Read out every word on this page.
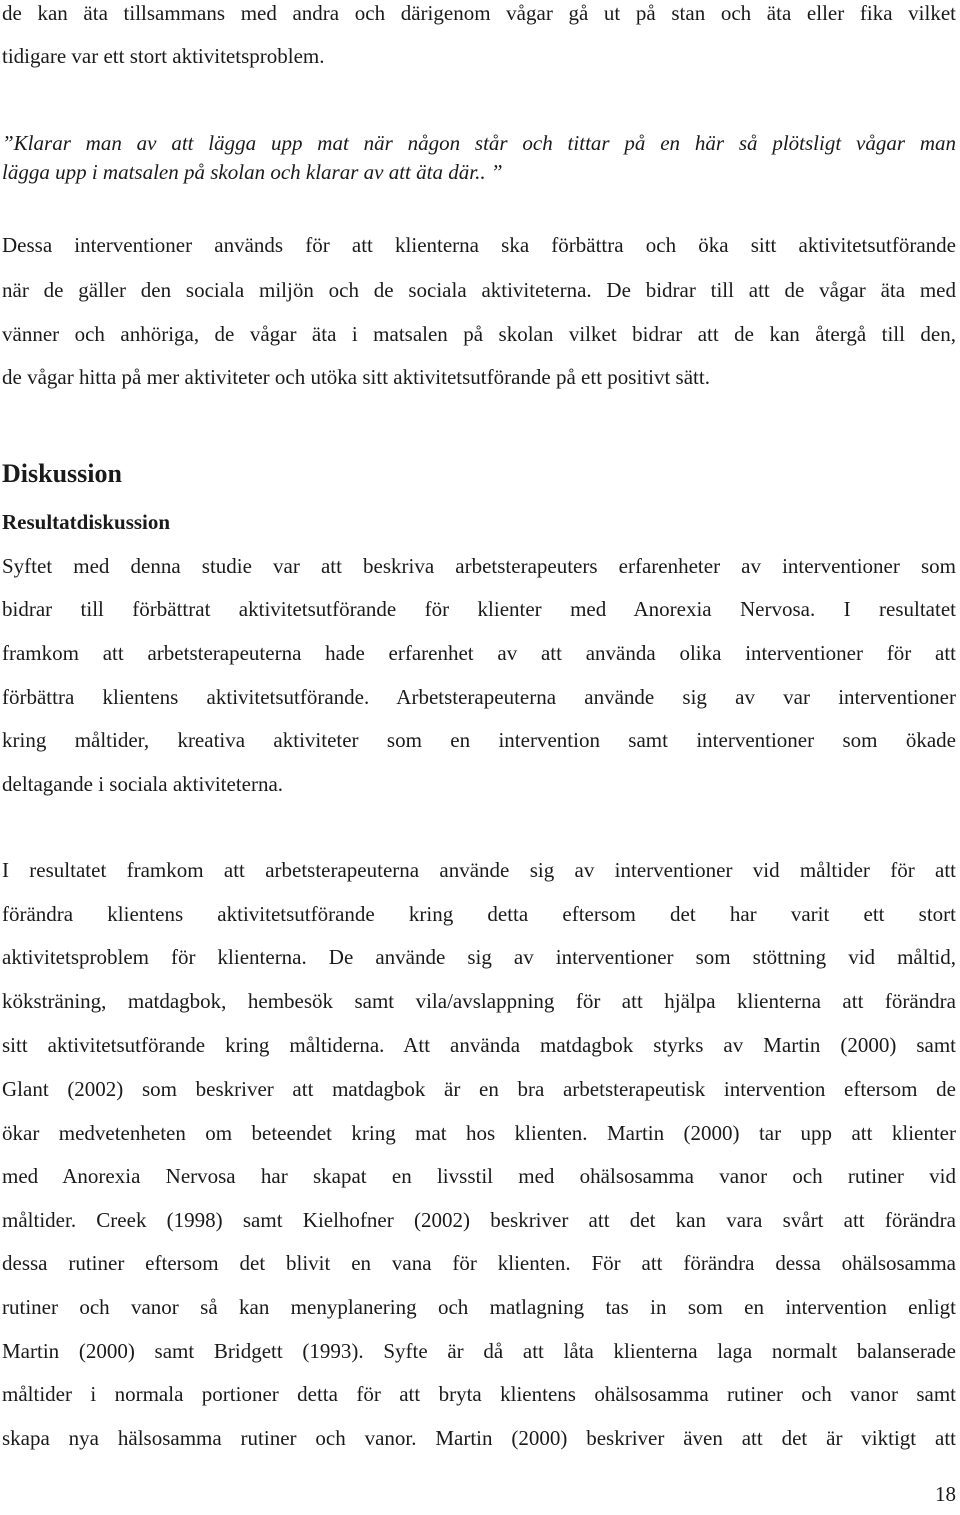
de kan äta tillsammans med andra och därigenom vågar gå ut på stan och äta eller fika vilket
tidigare var ett stort aktivitetsproblem.
”Klarar man av att lägga upp mat när någon står och tittar på en här så plötsligt vågar man
lägga upp i matsalen på skolan och klarar av att äta där.. ”
Dessa interventioner används för att klienterna ska förbättra och öka sitt aktivitetsutförande
när de gäller den sociala miljön och de sociala aktiviteterna. De bidrar till att de vågar äta med
vänner och anhöriga, de vågar äta i matsalen på skolan vilket bidrar att de kan återgå till den,
de vågar hitta på mer aktiviteter och utöka sitt aktivitetsutförande på ett positivt sätt.
Diskussion
Resultatdiskussion
Syftet med denna studie var att beskriva arbetsterapeuters erfarenheter av interventioner som
bidrar till förbättrat aktivitetsutförande för klienter med Anorexia Nervosa. I resultatet
framkom att arbetsterapeuterna hade erfarenhet av att använda olika interventioner för att
förbättra klientens aktivitetsutförande. Arbetsterapeuterna använde sig av var interventioner
kring måltider, kreativa aktiviteter som en intervention samt interventioner som ökade
deltagande i sociala aktiviteterna.
I resultatet framkom att arbetsterapeuterna använde sig av interventioner vid måltider för att
förändra klientens aktivitetsutförande kring detta eftersom det har varit ett stort
aktivitetsproblem för klienterna. De använde sig av interventioner som stöttning vid måltid,
köksträning, matdagbok, hembesök samt vila/avslappning för att hjälpa klienterna att förändra
sitt aktivitetsutförande kring måltiderna. Att använda matdagbok styrks av Martin (2000) samt
Glant (2002) som beskriver att matdagbok är en bra arbetsterapeutisk intervention eftersom de
ökar medvetenheten om beteendet kring mat hos klienten. Martin (2000) tar upp att klienter
med Anorexia Nervosa har skapat en livsstil med ohälsosamma vanor och rutiner vid
måltider. Creek (1998) samt Kielhofner (2002) beskriver att det kan vara svårt att förändra
dessa rutiner eftersom det blivit en vana för klienten. För att förändra dessa ohälsosamma
rutiner och vanor så kan menyplanering och matlagning tas in som en intervention enligt
Martin (2000) samt Bridgett (1993). Syfte är då att låta klienterna laga normalt balanserade
måltider i normala portioner detta för att bryta klientens ohälsosamma rutiner och vanor samt
skapa nya hälsosamma rutiner och vanor. Martin (2000) beskriver även att det är viktigt att
18
